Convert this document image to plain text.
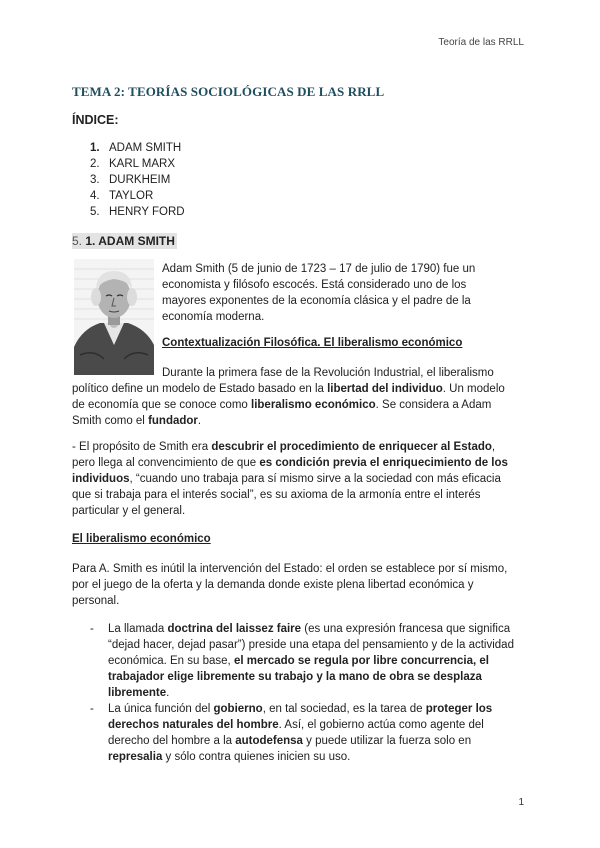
Teoría de las RRLL
TEMA 2: TEORÍAS SOCIOLÓGICAS DE LAS RRLL
ÍNDICE:
1. ADAM SMITH
2. KARL MARX
3. DURKHEIM
4. TAYLOR
5. HENRY FORD
5. 1. ADAM SMITH

Adam Smith (5 de junio de 1723 – 17 de julio de 1790) fue un economista y filósofo escocés. Está considerado uno de los mayores exponentes de la economía clásica y el padre de la economía moderna.

Contextualización Filosófica. El liberalismo económico

Durante la primera fase de la Revolución Industrial, el liberalismo político define un modelo de Estado basado en la libertad del individuo. Un modelo de economía que se conoce como liberalismo económico. Se considera a Adam Smith como el fundador.

- El propósito de Smith era descubrir el procedimiento de enriquecer al Estado, pero llega al convencimiento de que es condición previa el enriquecimiento de los individuos, “cuando uno trabaja para sí mismo sirve a la sociedad con más eficacia que si trabaja para el interés social”, es su axioma de la armonía entre el interés particular y el general.

El liberalismo económico

Para A. Smith es inútil la intervención del Estado: el orden se establece por sí mismo, por el juego de la oferta y la demanda donde existe plena libertad económica y personal.

-	La llamada doctrina del laissez faire (es una expresión francesa que significa “dejad hacer, dejad pasar”) preside una etapa del pensamiento y de la actividad económica. En su base, el mercado se regula por libre concurrencia, el trabajador elige libremente su trabajo y la mano de obra se desplaza libremente.
-	La única función del gobierno, en tal sociedad, es la tarea de proteger los derechos naturales del hombre. Así, el gobierno actúa como agente del derecho del hombre a la autodefensa y puede utilizar la fuerza solo en represalia y sólo contra quienes inicien su uso.
1
